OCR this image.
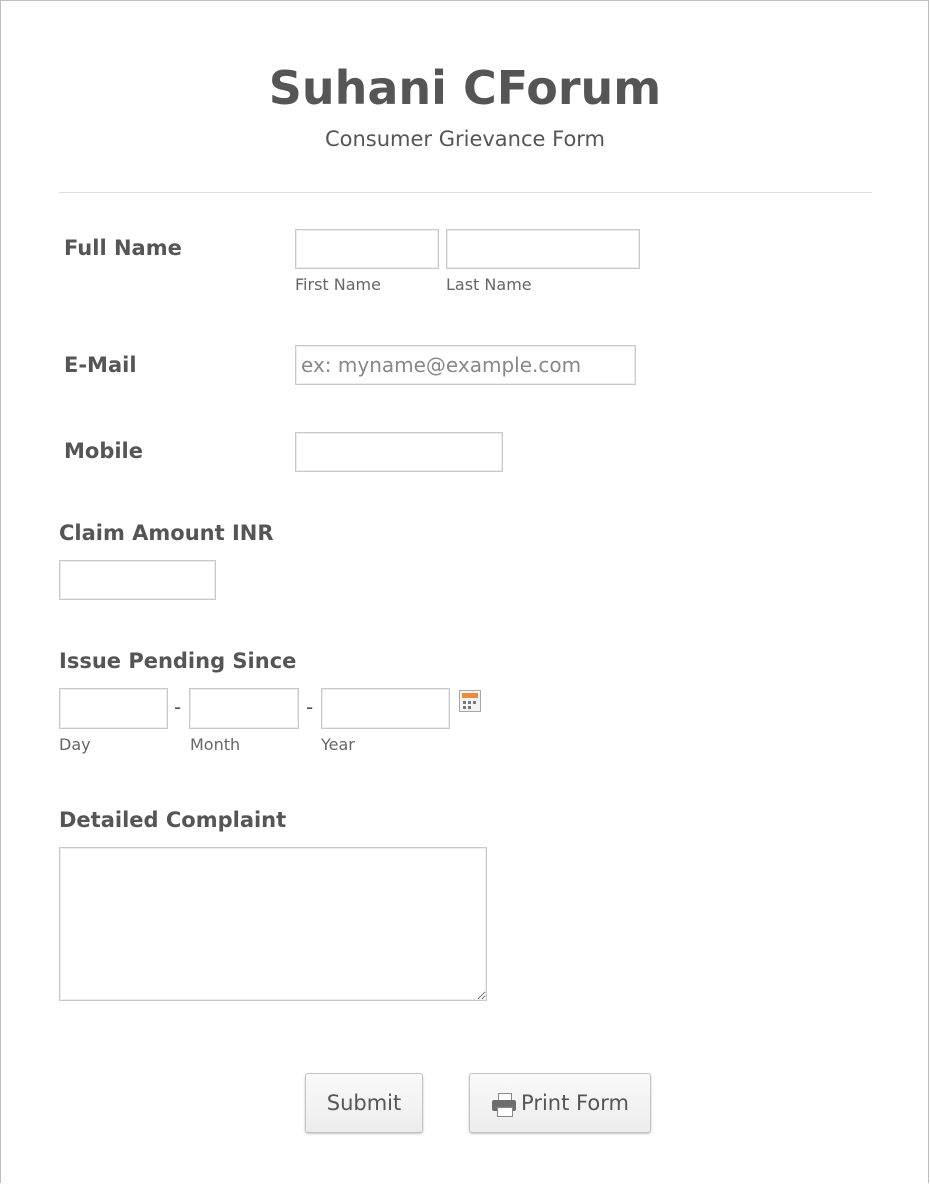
Suhani CForum
Consumer Grievance Form
Full Name
First Name	Last Name
E-Mail
ex: myname@example.com
Mobile
Claim Amount INR
Issue Pending Since
-	-
Day	Month	Year
Detailed Complaint
Submit	Print Form
